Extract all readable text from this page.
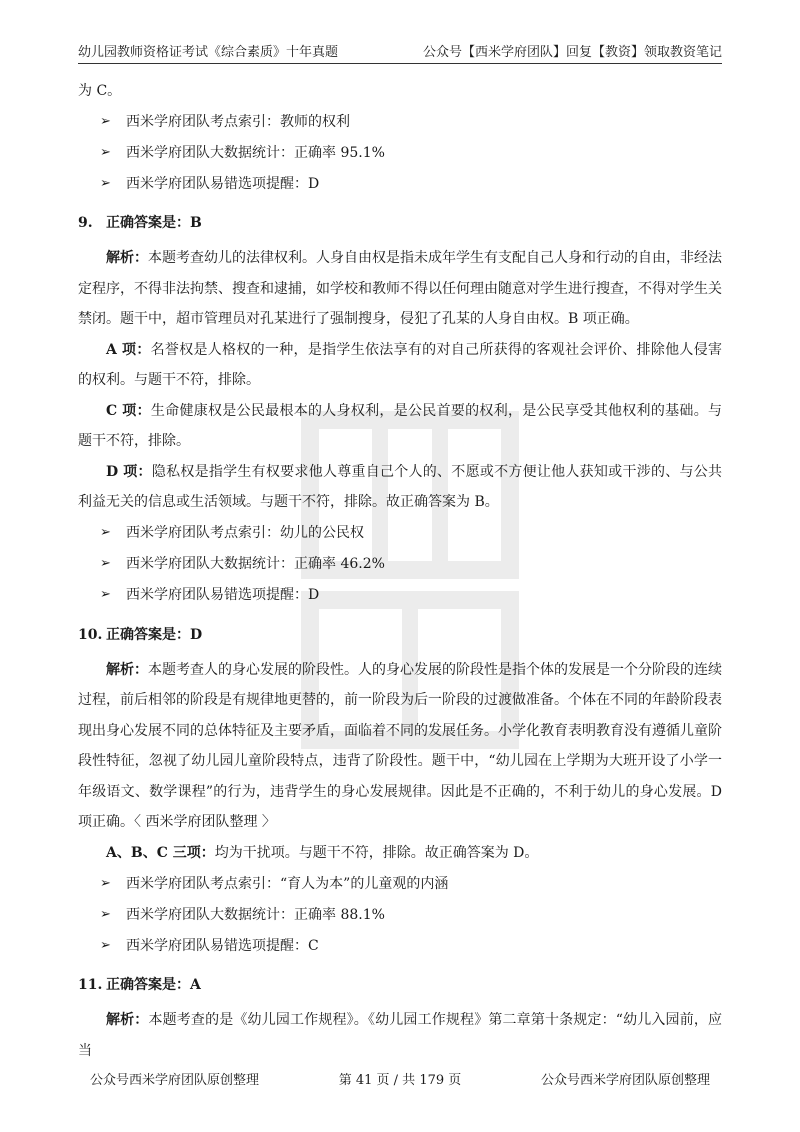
幼儿园教师资格证考试《综合素质》十年真题	公众号【西米学府团队】回复【教资】领取教资笔记

为 C。

➢	西米学府团队考点索引：教师的权利

➢	西米学府团队大数据统计：正确率 95.1%

➢	西米学府团队易错选项提醒：D

9. 正确答案是：B

解析：本题考查幼儿的法律权利。人身自由权是指未成年学生有支配自己人身和行动的自由，非经法定程序，不得非法拘禁、搜查和逮捕，如学校和教师不得以任何理由随意对学生进行搜查，不得对学生关禁闭。题干中，超市管理员对孔某进行了强制搜身，侵犯了孔某的人身自由权。B 项正确。

A 项：名誉权是人格权的一种，是指学生依法享有的对自己所获得的客观社会评价、排除他人侵害的权利。与题干不符，排除。

C 项：生命健康权是公民最根本的人身权利，是公民首要的权利，是公民享受其他权利的基础。与题干不符，排除。

D 项：隐私权是指学生有权要求他人尊重自己个人的、不愿或不方便让他人获知或干涉的、与公共利益无关的信息或生活领域。与题干不符，排除。故正确答案为 B。

➢	西米学府团队考点索引：幼儿的公民权

➢	西米学府团队大数据统计：正确率 46.2%

➢	西米学府团队易错选项提醒：D

10. 正确答案是：D

解析：本题考查人的身心发展的阶段性。人的身心发展的阶段性是指个体的发展是一个分阶段的连续过程，前后相邻的阶段是有规律地更替的，前一阶段为后一阶段的过渡做准备。个体在不同的年龄阶段表现出身心发展不同的总体特征及主要矛盾，面临着不同的发展任务。小学化教育表明教育没有遵循儿童阶段性特征，忽视了幼儿园儿童阶段特点，违背了阶段性。题干中，“幼儿园在上学期为大班开设了小学一年级语文、数学课程”的行为，违背学生的身心发展规律。因此是不正确的，不利于幼儿的身心发展。D 项正确。〈 西米学府团队整理 〉

A、B、C 三项：均为干扰项。与题干不符，排除。故正确答案为 D。

➢	西米学府团队考点索引：“育人为本”的儿童观的内涵

➢	西米学府团队大数据统计：正确率 88.1%

➢	西米学府团队易错选项提醒：C

11. 正确答案是：A

解析：本题考查的是《幼儿园工作规程》。《幼儿园工作规程》第二章第十条规定：“幼儿入园前，应当

公众号西米学府团队原创整理	第 41 页 / 共 179 页	公众号西米学府团队原创整理
